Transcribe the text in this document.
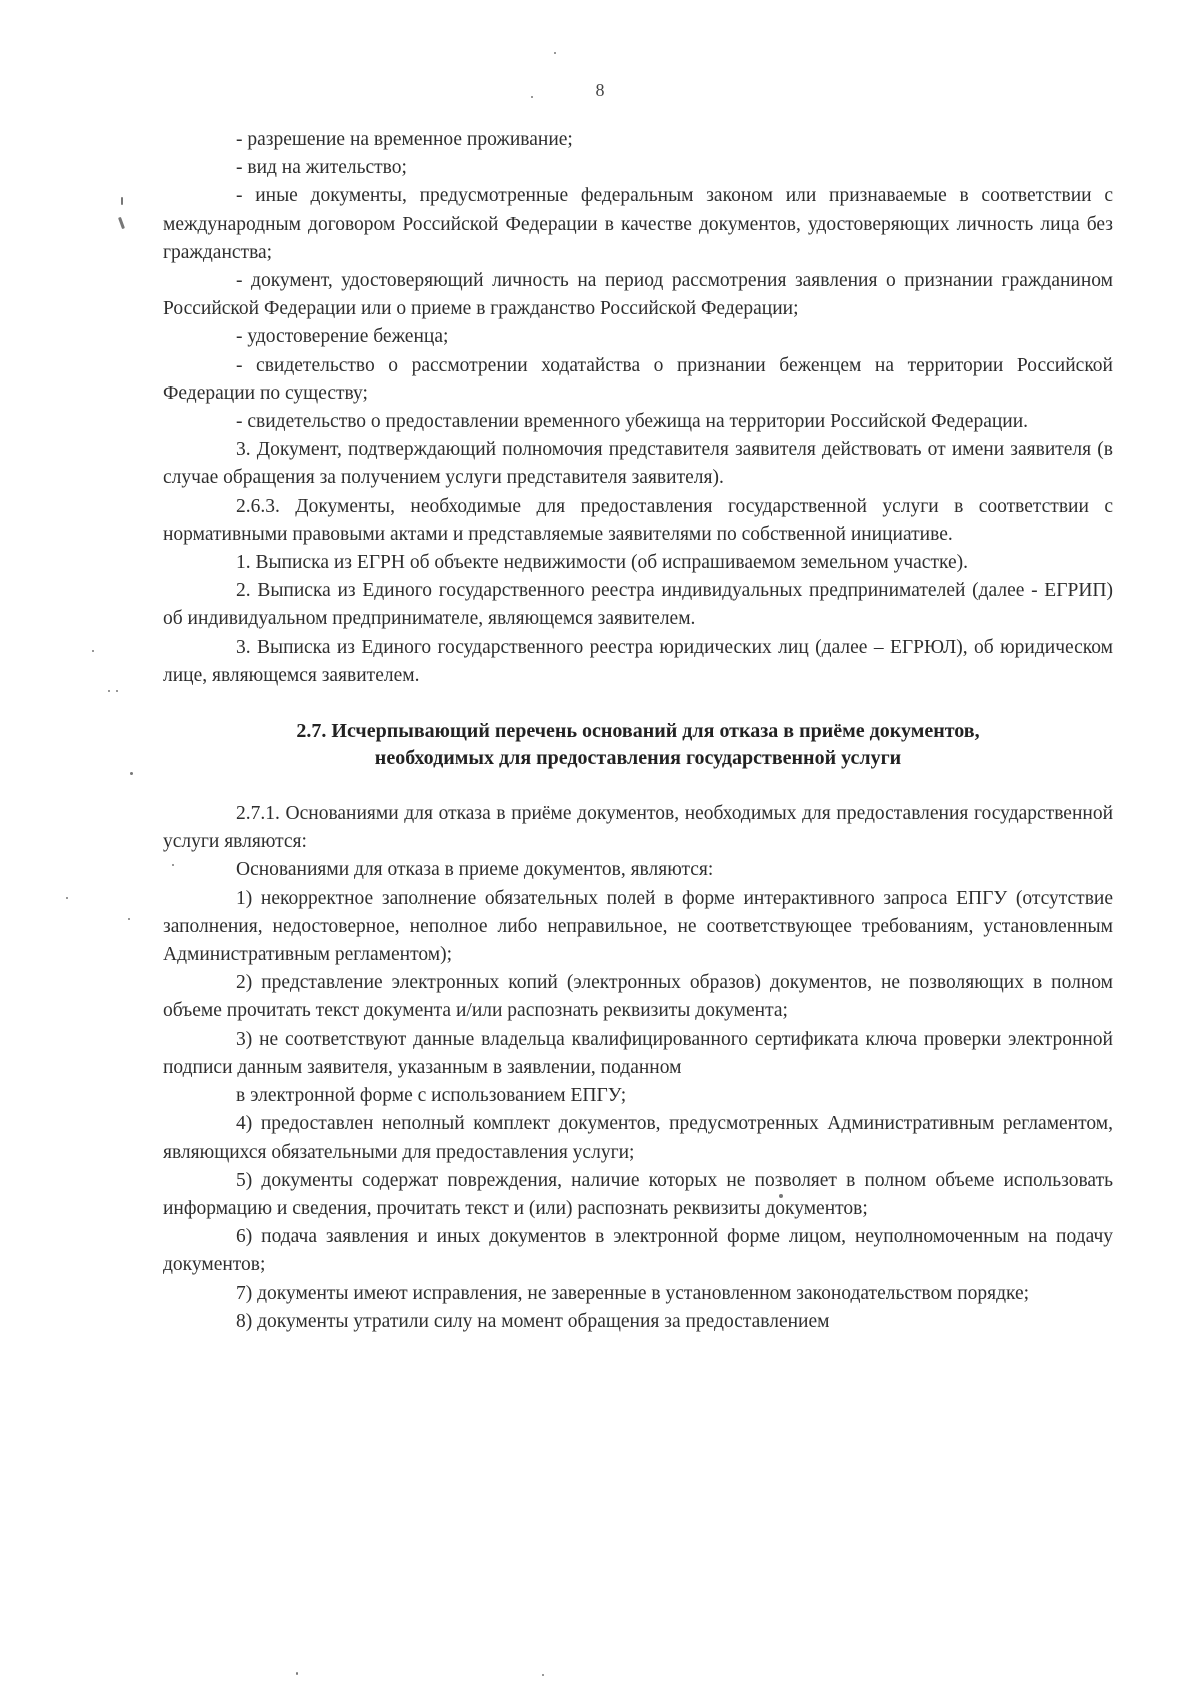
8

- разрешение на временное проживание;

- вид на жительство;

- иные документы, предусмотренные федеральным законом или признаваемые в соответствии с международным договором Российской Федерации в качестве документов, удостоверяющих личность лица без гражданства;

- документ, удостоверяющий личность на период рассмотрения заявления о признании гражданином Российской Федерации или о приеме в гражданство Российской Федерации;

- удостоверение беженца;

- свидетельство о рассмотрении ходатайства о признании беженцем на территории Российской Федерации по существу;

- свидетельство о предоставлении временного убежища на территории Российской Федерации.

3. Документ, подтверждающий полномочия представителя заявителя действовать от имени заявителя (в случае обращения за получением услуги представителя заявителя).

2.6.3. Документы, необходимые для предоставления государственной услуги в соответствии с нормативными правовыми актами и представляемые заявителями по собственной инициативе.

1. Выписка из ЕГРН об объекте недвижимости (об испрашиваемом земельном участке).

2. Выписка из Единого государственного реестра индивидуальных предпринимателей (далее - ЕГРИП) об индивидуальном предпринимателе, являющемся заявителем.

3. Выписка из Единого государственного реестра юридических лиц (далее – ЕГРЮЛ), об юридическом лице, являющемся заявителем.

2.7. Исчерпывающий перечень оснований для отказа в приёме документов,
необходимых для предоставления государственной услуги

2.7.1. Основаниями для отказа в приёме документов, необходимых для предоставления государственной услуги являются:

Основаниями для отказа в приеме документов, являются:

1) некорректное заполнение обязательных полей в форме интерактивного запроса ЕПГУ (отсутствие заполнения, недостоверное, неполное либо неправильное, не соответствующее требованиям, установленным Административным регламентом);

2) представление электронных копий (электронных образов) документов, не позволяющих в полном объеме прочитать текст документа и/или распознать реквизиты документа;

3) не соответствуют данные владельца квалифицированного сертификата ключа проверки электронной подписи данным заявителя, указанным в заявлении, поданном

в электронной форме с использованием ЕПГУ;

4) предоставлен неполный комплект документов, предусмотренных Административным регламентом, являющихся обязательными для предоставления услуги;

5) документы содержат повреждения, наличие которых не позволяет в полном объеме использовать информацию и сведения, прочитать текст и (или) распознать реквизиты документов;

6) подача заявления и иных документов в электронной форме лицом, неуполномоченным на подачу документов;

7) документы имеют исправления, не заверенные в установленном законодательством порядке;

8) документы утратили силу на момент обращения за предоставлением
